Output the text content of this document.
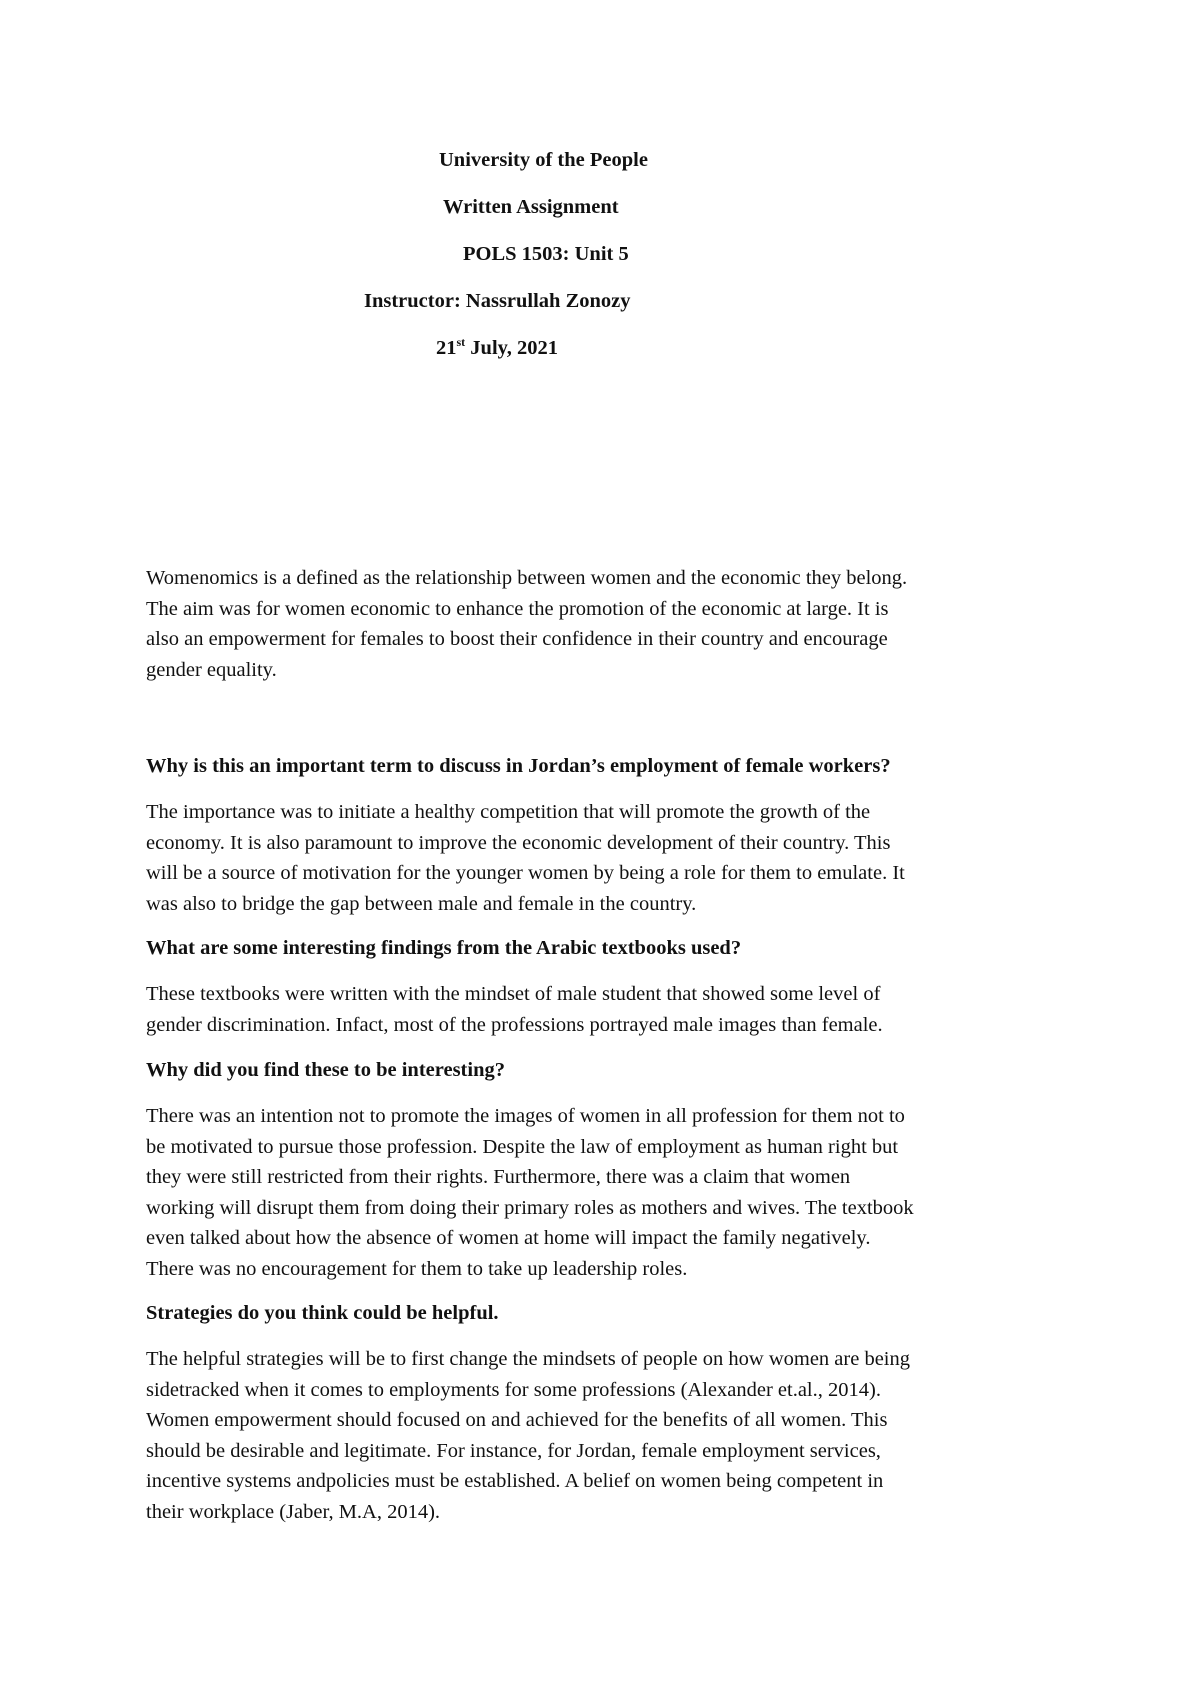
University of the People
Written Assignment
POLS 1503: Unit 5
Instructor: Nassrullah Zonozy
21st July, 2021
Womenomics is a defined as the relationship between women and the economic they belong.
The aim was for women economic to enhance the promotion of the economic at large. It is
also an empowerment for females to boost their confidence in their country and encourage
gender equality.
Why is this an important term to discuss in Jordan’s employment of female workers?
The importance was to initiate a healthy competition that will promote the growth of the
economy. It is also paramount to improve the economic development of their country. This
will be a source of motivation for the younger women by being a role for them to emulate. It
was also to bridge the gap between male and female in the country.
What are some interesting findings from the Arabic textbooks used?
These textbooks were written with the mindset of male student that showed some level of
gender discrimination. Infact, most of the professions portrayed male images than female.
Why did you find these to be interesting?
There was an intention not to promote the images of women in all profession for them not to
be motivated to pursue those profession. Despite the law of employment as human right but
they were still restricted from their rights. Furthermore, there was a claim that women
working will disrupt them from doing their primary roles as mothers and wives. The textbook
even talked about how the absence of women at home will impact the family negatively.
There was no encouragement for them to take up leadership roles.
Strategies do you think could be helpful.
The helpful strategies will be to first change the mindsets of people on how women are being
sidetracked when it comes to employments for some professions (Alexander et.al., 2014).
Women empowerment should focused on and achieved for the benefits of all women. This
should be desirable and legitimate. For instance, for Jordan, female employment services,
incentive systems andpolicies must be established. A belief on women being competent in
their workplace (Jaber, M.A, 2014).
